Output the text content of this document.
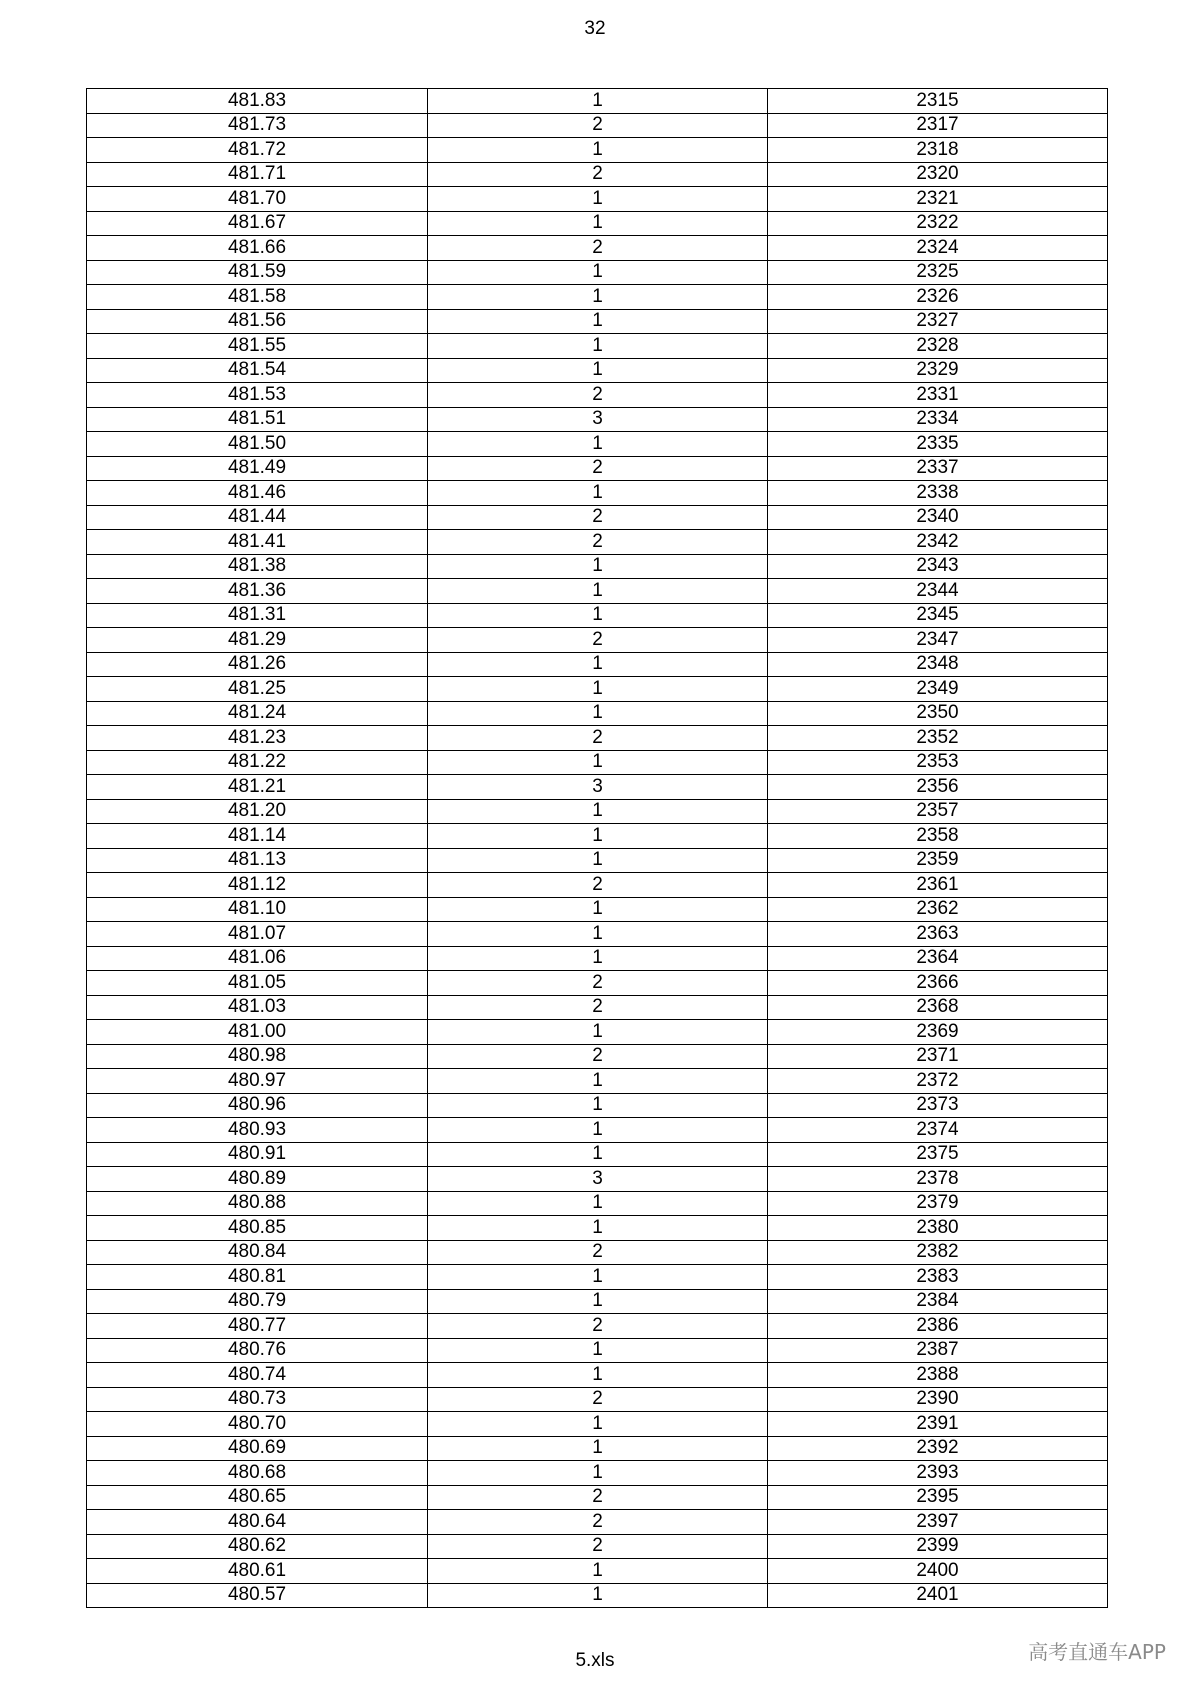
32
481.83	1	2315
481.73	2	2317
481.72	1	2318
481.71	2	2320
481.70	1	2321
481.67	1	2322
481.66	2	2324
481.59	1	2325
481.58	1	2326
481.56	1	2327
481.55	1	2328
481.54	1	2329
481.53	2	2331
481.51	3	2334
481.50	1	2335
481.49	2	2337
481.46	1	2338
481.44	2	2340
481.41	2	2342
481.38	1	2343
481.36	1	2344
481.31	1	2345
481.29	2	2347
481.26	1	2348
481.25	1	2349
481.24	1	2350
481.23	2	2352
481.22	1	2353
481.21	3	2356
481.20	1	2357
481.14	1	2358
481.13	1	2359
481.12	2	2361
481.10	1	2362
481.07	1	2363
481.06	1	2364
481.05	2	2366
481.03	2	2368
481.00	1	2369
480.98	2	2371
480.97	1	2372
480.96	1	2373
480.93	1	2374
480.91	1	2375
480.89	3	2378
480.88	1	2379
480.85	1	2380
480.84	2	2382
480.81	1	2383
480.79	1	2384
480.77	2	2386
480.76	1	2387
480.74	1	2388
480.73	2	2390
480.70	1	2391
480.69	1	2392
480.68	1	2393
480.65	2	2395
480.64	2	2397
480.62	2	2399
480.61	1	2400
480.57	1	2401
5.xls	高考直通车APP
